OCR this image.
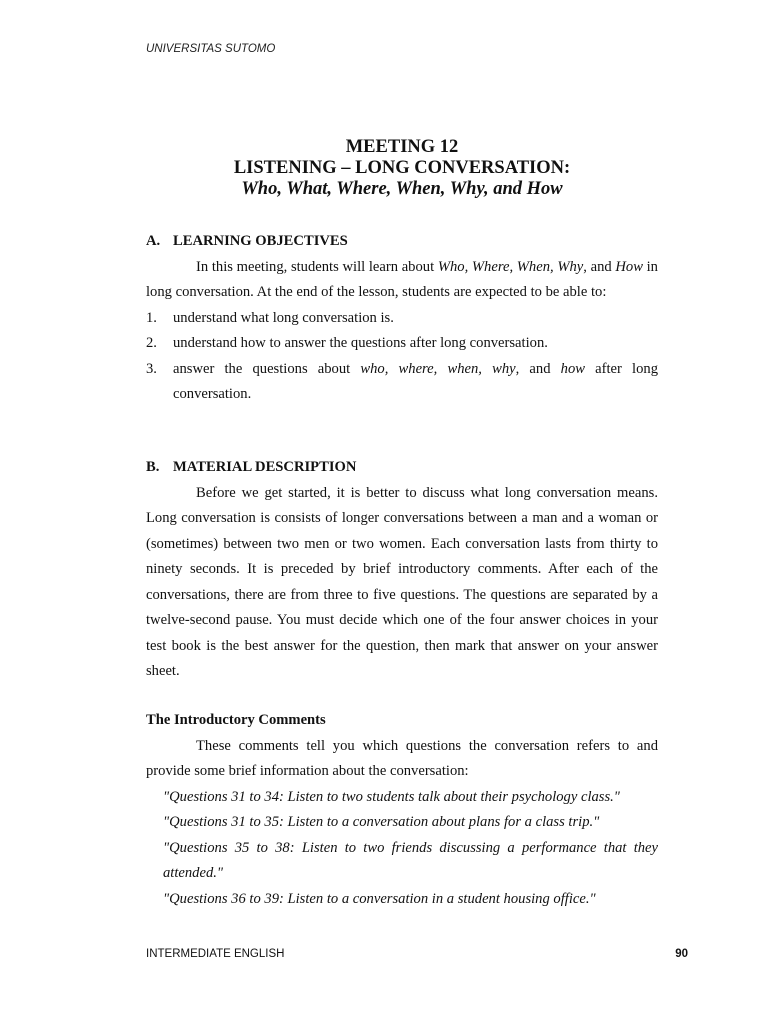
UNIVERSITAS SUTOMO
MEETING 12
LISTENING – LONG CONVERSATION:
Who, What, Where, When, Why, and How
A. LEARNING OBJECTIVES
In this meeting, students will learn about Who, Where, When, Why, and How in long conversation. At the end of the lesson, students are expected to be able to:
1.	understand what long conversation is.
2.	understand how to answer the questions after long conversation.
3.	answer the questions about who, where, when, why, and how after long conversation.
B. MATERIAL DESCRIPTION
Before we get started, it is better to discuss what long conversation means. Long conversation is consists of longer conversations between a man and a woman or (sometimes) between two men or two women. Each conversation lasts from thirty to ninety seconds. It is preceded by brief introductory comments. After each of the conversations, there are from three to five questions. The questions are separated by a twelve-second pause. You must decide which one of the four answer choices in your test book is the best answer for the question, then mark that answer on your answer sheet.
The Introductory Comments
These comments tell you which questions the conversation refers to and provide some brief information about the conversation:
"Questions 31 to 34: Listen to two students talk about their psychology class."
"Questions 31 to 35: Listen to a conversation about plans for a class trip."
"Questions 35 to 38: Listen to two friends discussing a performance that they attended."
"Questions 36 to 39: Listen to a conversation in a student housing office."
INTERMEDIATE ENGLISH	90
